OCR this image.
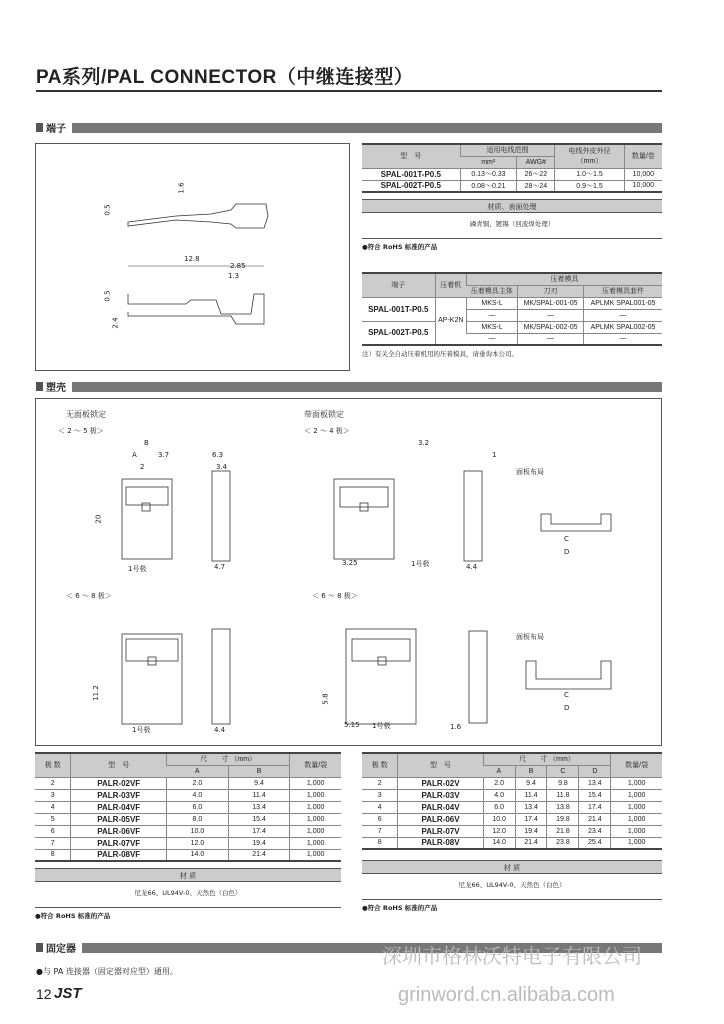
PA系列/PAL CONNECTOR（中继连接型）
端子
1.6
0.5
12.8
2.85
1.3
0.5
2.4
型　号	适用电线范围		电线外皮外径
（mm）	数量/卷
	mm²	AWG#		
SPAL-001T-P0.5	0.13～0.33	26～22	1.0～1.5	10,000
SPAL-002T-P0.5	0.08～0.21	28～24	0.9～1.5	10,000
材质、表面处理
磷青铜、镀锡（回流焊处理）
●符合 RoHS 标准的产品
端子	压着机	压着模具		
		压着模具主体	刀刃	压着模具套件
SPAL-001T-P0.5	AP-K2N	MKS-L	MK/SPAL-001-05	APLMK SPAL001-05
		—	—	—
SPAL-002T-P0.5		MKS-L	MK/SPAL-002-05	APLMK SPAL002-05
		—	—	—
注）有关全自动压着机用的压着模具，请垂询本公司。
塑壳
无面板锁定
＜ 2 ～ 5 极＞
带面板锁定
＜ 2 ～ 4 极＞
＜ 6 ～ 8 极＞	＜ 6 ～ 8 极＞
面板布局
面板布局
1号极
1号极
1号极	1号极
B
A	3.7
2
6.3
3.4
20
4.7
3.2
1
3.25	4.4
11.2
4.4
5.8
5.15	1.6
C
D
C
D
极 数	型　号	尺　　寸 （mm）		数量/袋
		A	B	
2	PALR-02VF	2.0	9.4	1,000
3	PALR-03VF	4.0	11.4	1,000
4	PALR-04VF	6.0	13.4	1,000
5	PALR-05VF	8.0	15.4	1,000
6	PALR-06VF	10.0	17.4	1,000
7	PALR-07VF	12.0	19.4	1,000
8	PALR-08VF	14.0	21.4	1,000
材 质
尼龙66、UL94V-0、天然色（白色）
●符合 RoHS 标准的产品
极 数	型　号	尺　　寸 （mm）				数量/袋
		A	B	C	D	
2	PALR-02V	2.0	9.4	9.8	13.4	1,000
3	PALR-03V	4.0	11.4	11.8	15.4	1,000
4	PALR-04V	6.0	13.4	13.8	17.4	1,000
6	PALR-06V	10.0	17.4	19.8	21.4	1,000
7	PALR-07V	12.0	19.4	21.8	23.4	1,000
8	PALR-08V	14.0	21.4	23.8	25.4	1,000
材 质
尼龙66、UL94V-0、天然色（白色）
●符合 RoHS 标准的产品
固定器
●与 PA 连接器（固定器对应型）通用。
12 JST
深圳市格林沃特电子有限公司
grinword.cn.alibaba.com
